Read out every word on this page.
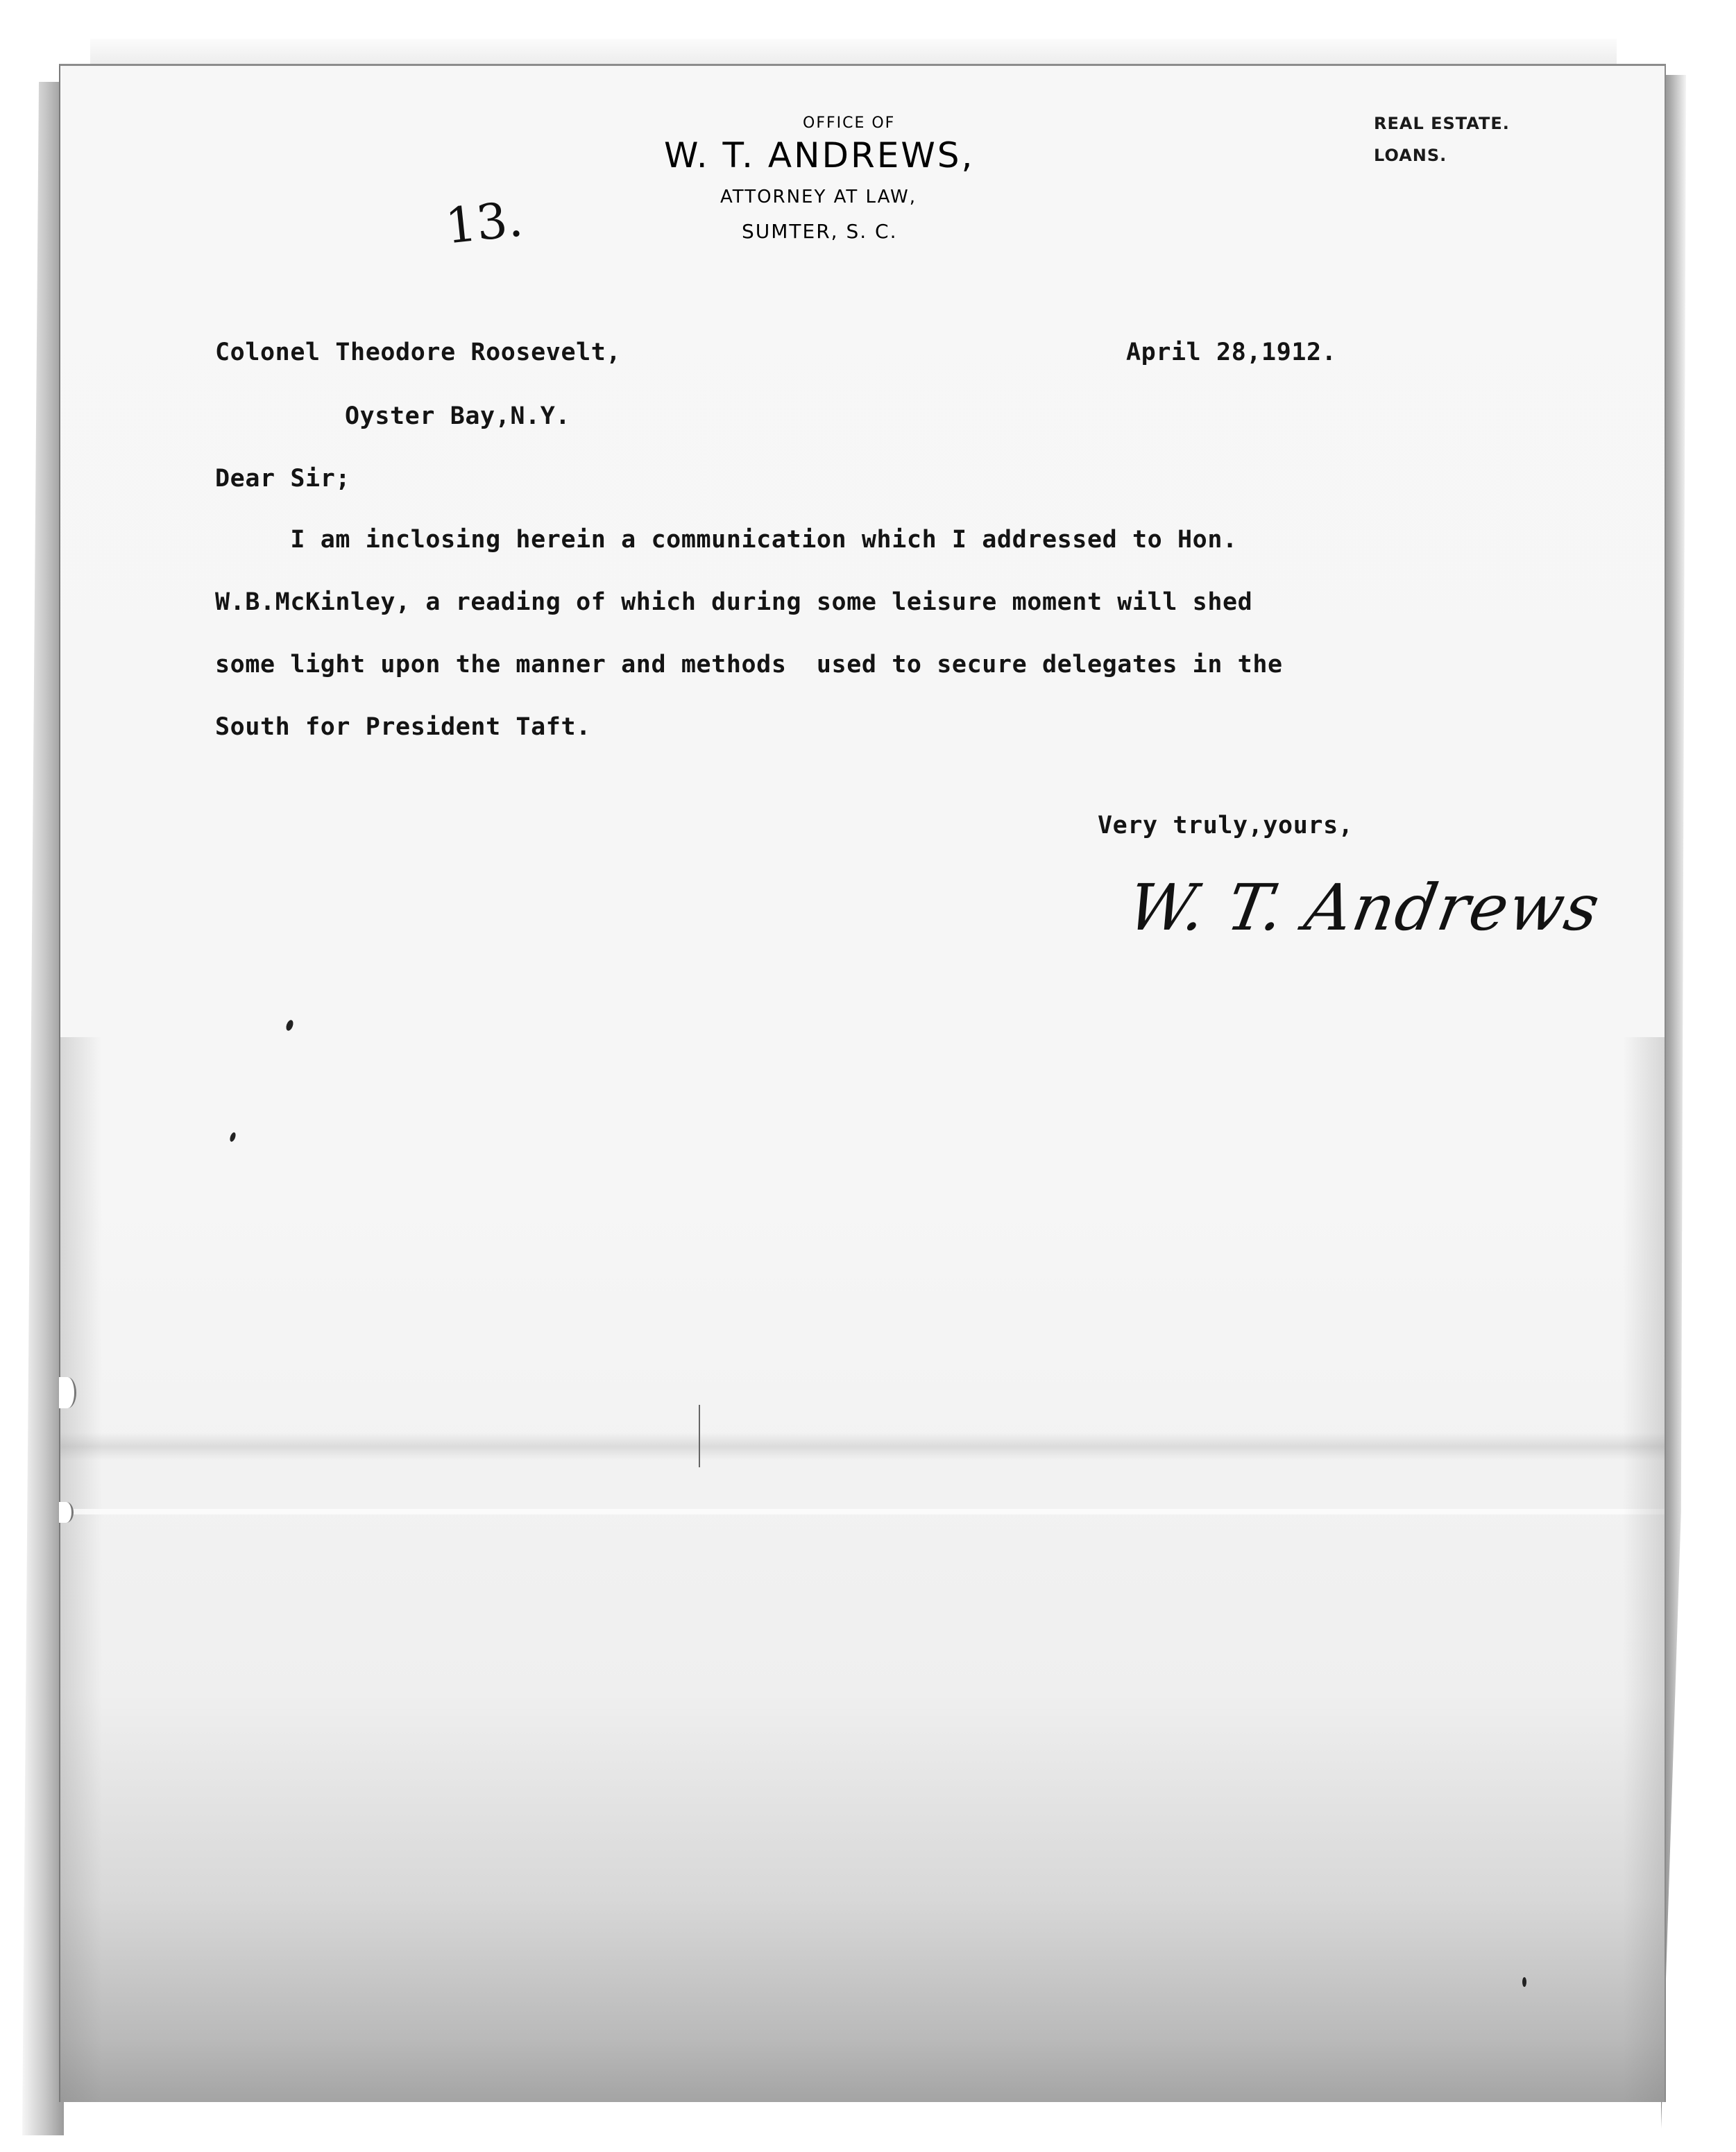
OFFICE OF
W. T. ANDREWS,
ATTORNEY AT LAW,
SUMTER, S. C.
REAL ESTATE.
LOANS.
13.
Colonel Theodore Roosevelt,	April 28,1912.
Oyster Bay,N.Y.
Dear Sir;
I am inclosing herein a communication which I addressed to Hon.
W.B.McKinley, a reading of which during some leisure moment will shed
some light upon the manner and methods  used to secure delegates in the
South for President Taft.
Very truly,yours,
W. T. Andrews
